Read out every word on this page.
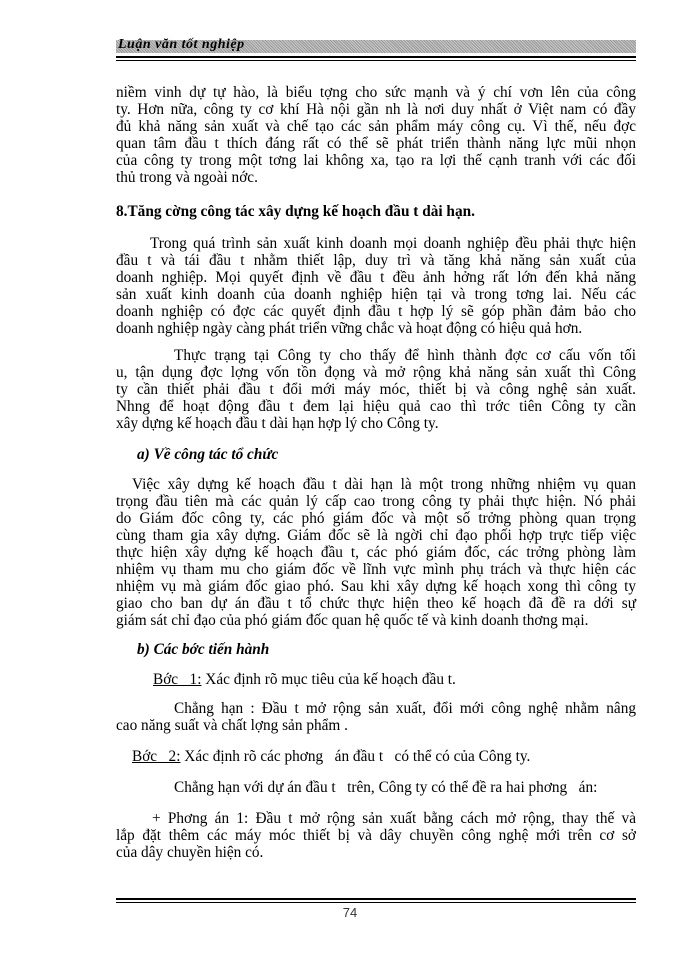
Luận văn tốt nghiệp
niềm vinh dự tự hào, là biểu tợng cho sức mạnh và ý chí vơn lên của công
ty. Hơn nữa, công ty cơ khí Hà nội gần nh là nơi duy nhất ở Việt nam có đầy
đủ khả năng sản xuất và chế tạo các sản phẩm máy công cụ. Vì thế, nếu đợc
quan tâm đầu t thích đáng rất có thể sẽ phát triển thành năng lực mũi nhọn
của công ty trong một tơng lai không xa, tạo ra lợi thế cạnh tranh với các đối
thủ trong và ngoài nớc.
8.Tăng cờng công tác xây dựng kế hoạch đầu t dài hạn.
Trong quá trình sản xuất kinh doanh mọi doanh nghiệp đều phải thực hiện
đầu t và tái đầu t nhằm thiết lập, duy trì và tăng khả năng sản xuất của
doanh nghiệp. Mọi quyết định về đầu t đều ảnh hởng rất lớn đến khả năng
sản xuất kinh doanh của doanh nghiệp hiện tại và trong tơng lai. Nếu các
doanh nghiệp có đợc các quyết định đầu t hợp lý sẽ góp phần đảm bảo cho
doanh nghiệp ngày càng phát triển vững chắc và hoạt động có hiệu quả hơn.
Thực trạng tại Công ty cho thấy để hình thành đợc cơ cấu vốn tối
u, tận dụng đợc lợng vốn tồn đọng và mở rộng khả năng sản xuất thì Công
ty cần thiết phải đầu t đổi mới máy móc, thiết bị và công nghệ sản xuất.
Nhng để hoạt động đầu t đem lại hiệu quả cao thì trớc tiên Công ty cần
xây dựng kế hoạch đầu t dài hạn hợp lý cho Công ty.
a) Về công tác tổ chức
Việc xây dựng kế hoạch đầu t dài hạn là một trong những nhiệm vụ quan
trọng đầu tiên mà các quản lý cấp cao trong công ty phải thực hiện. Nó phải
do Giám đốc công ty, các phó giám đốc và một số trởng phòng quan trọng
cùng tham gia xây dựng. Giám đốc sẽ là ngời chỉ đạo phối hợp trực tiếp việc
thực hiện xây dựng kế hoạch đầu t, các phó giám đốc, các trởng phòng làm
nhiệm vụ tham mu cho giám đốc về lĩnh vực mình phụ trách và thực hiện các
nhiệm vụ mà giám đốc giao phó. Sau khi xây dựng kế hoạch xong thì công ty
giao cho ban dự án đầu t tổ chức thực hiện theo kế hoạch đã đề ra dới sự
giám sát chỉ đạo của phó giám đốc quan hệ quốc tế và kinh doanh thơng mại.
b) Các bớc tiến hành
Bớc   1: Xác định rõ mục tiêu của kế hoạch đầu t.
Chẳng hạn : Đầu t mở rộng sản xuất, đổi mới công nghệ nhằm nâng
cao năng suất và chất lợng sản phẩm .
Bớc   2: Xác định rõ các phơng   án đầu t   có thể có của Công ty.
Chẳng hạn với dự án đầu t   trên, Công ty có thể đề ra hai phơng   án:
+ Phơng án 1: Đầu t mở rộng sản xuất bằng cách mở rộng, thay thế và
lắp đặt thêm các máy móc thiết bị và dây chuyền công nghệ mới trên cơ sở
của dây chuyền hiện có.
74
